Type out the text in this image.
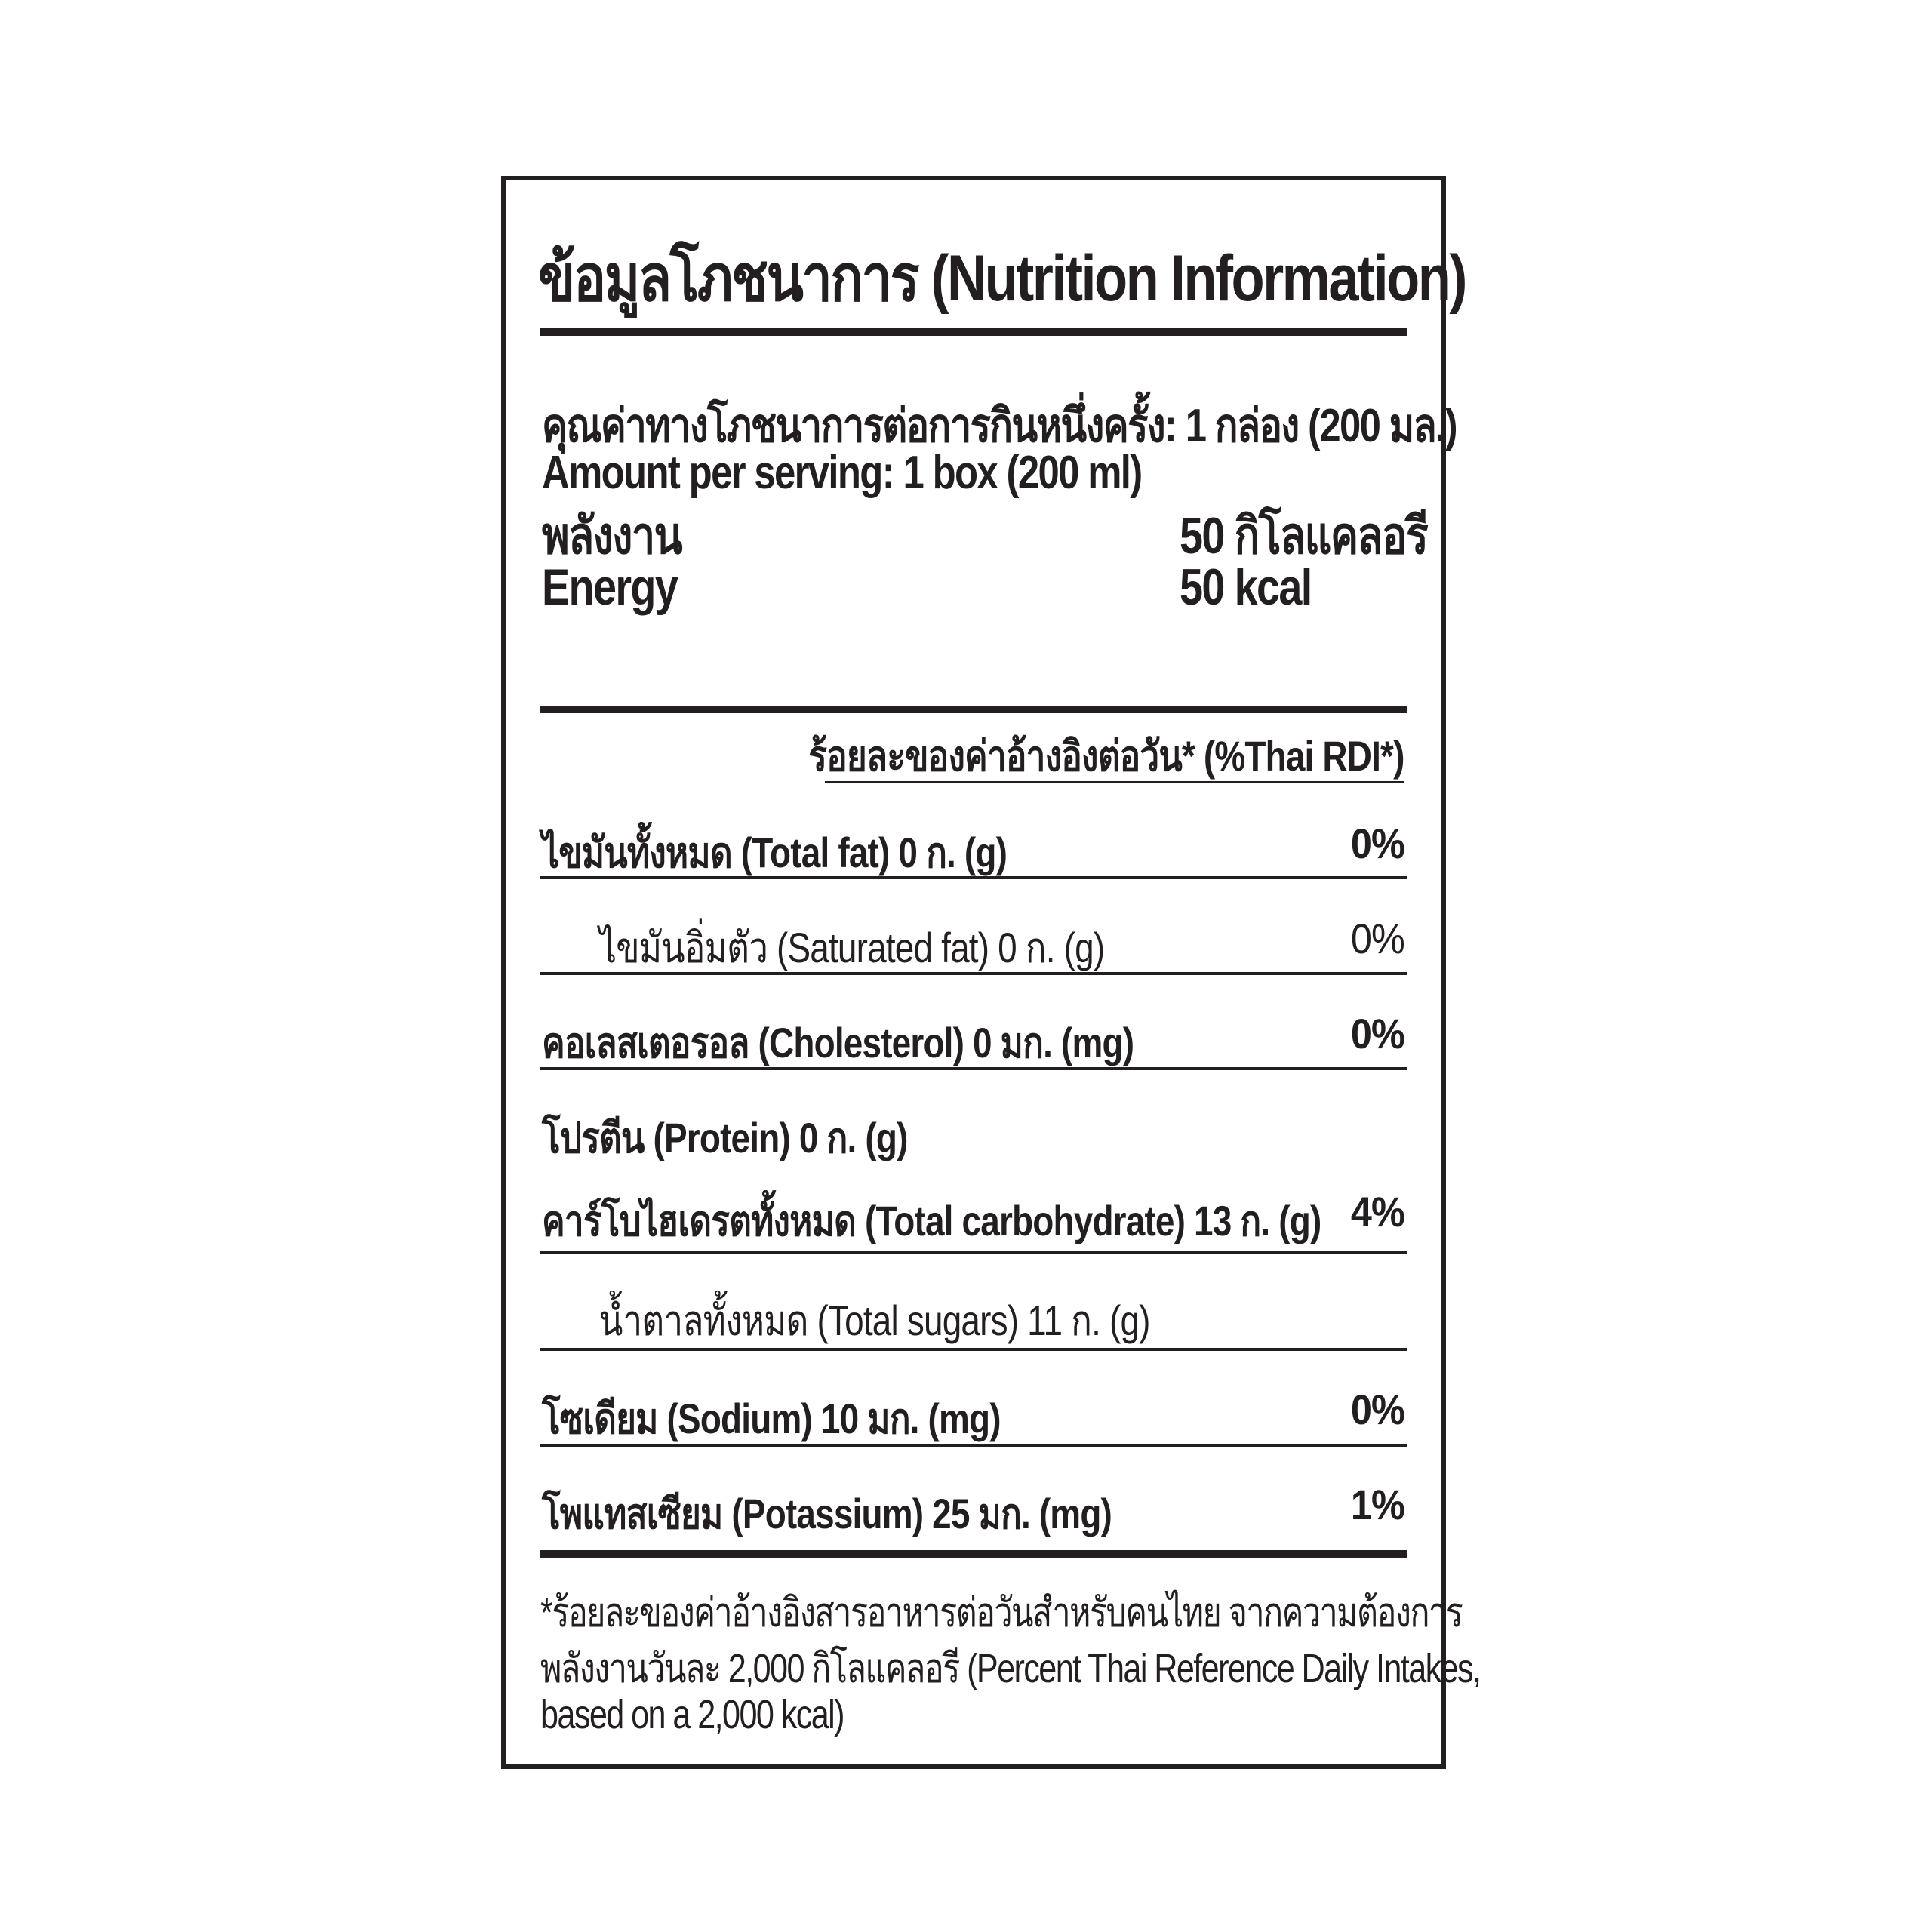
ข้อมูลโภชนาการ (Nutrition Information)
คุณค่าทางโภชนาการต่อการกินหนึ่งครั้ง: 1 กล่อง (200 มล.)
Amount per serving: 1 box (200 ml)
พลังงาน	50 กิโลแคลอรี
Energy	50 kcal
ร้อยละของค่าอ้างอิงต่อวัน* (%Thai RDI*)
ไขมันทั้งหมด (Total fat) 0 ก. (g)	0%
ไขมันอิ่มตัว (Saturated fat) 0 ก. (g)	0%
คอเลสเตอรอล (Cholesterol) 0 มก. (mg)	0%
โปรตีน (Protein) 0 ก. (g)
คาร์โบไฮเดรตทั้งหมด (Total carbohydrate) 13 ก. (g) 4%
น้ำตาลทั้งหมด (Total sugars) 11 ก. (g)
โซเดียม (Sodium) 10 มก. (mg)	0%
โพแทสเซียม (Potassium) 25 มก. (mg)	1%
*ร้อยละของค่าอ้างอิงสารอาหารต่อวันสำหรับคนไทย จากความต้องการ
พลังงานวันละ 2,000 กิโลแคลอรี (Percent Thai Reference Daily Intakes,
based on a 2,000 kcal)
